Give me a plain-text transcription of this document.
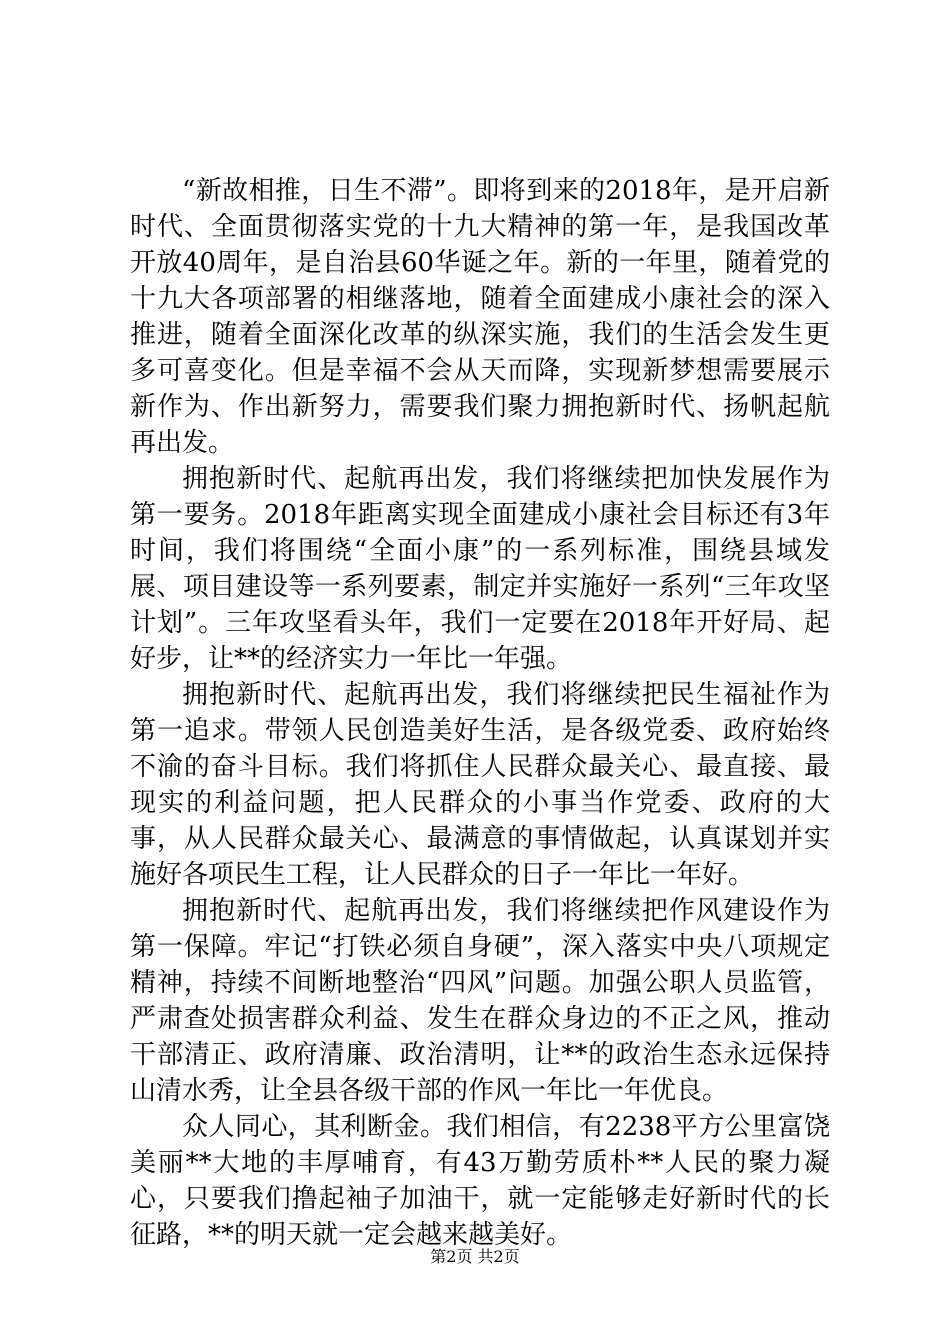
“新故相推，日生不滞”。即将到来的2018年，是开启新时代、全面贯彻落实党的十九大精神的第一年，是我国改革开放40周年，是自治县60华诞之年。新的一年里，随着党的十九大各项部署的相继落地，随着全面建成小康社会的深入推进，随着全面深化改革的纵深实施，我们的生活会发生更多可喜变化。但是幸福不会从天而降，实现新梦想需要展示新作为、作出新努力，需要我们聚力拥抱新时代、扬帆起航再出发。

拥抱新时代、起航再出发，我们将继续把加快发展作为第一要务。2018年距离实现全面建成小康社会目标还有3年时间，我们将围绕“全面小康”的一系列标准，围绕县域发展、项目建设等一系列要素，制定并实施好一系列“三年攻坚计划”。三年攻坚看头年，我们一定要在2018年开好局、起好步，让**的经济实力一年比一年强。

拥抱新时代、起航再出发，我们将继续把民生福祉作为第一追求。带领人民创造美好生活，是各级党委、政府始终不渝的奋斗目标。我们将抓住人民群众最关心、最直接、最现实的利益问题，把人民群众的小事当作党委、政府的大事，从人民群众最关心、最满意的事情做起，认真谋划并实施好各项民生工程，让人民群众的日子一年比一年好。

拥抱新时代、起航再出发，我们将继续把作风建设作为第一保障。牢记“打铁必须自身硬”，深入落实中央八项规定精神，持续不间断地整治“四风”问题。加强公职人员监管，严肃查处损害群众利益、发生在群众身边的不正之风，推动干部清正、政府清廉、政治清明，让**的政治生态永远保持山清水秀，让全县各级干部的作风一年比一年优良。

众人同心，其利断金。我们相信，有2238平方公里富饶美丽**大地的丰厚哺育，有43万勤劳质朴**人民的聚力凝心，只要我们撸起袖子加油干，就一定能够走好新时代的长征路，**的明天就一定会越来越美好。

第2页 共2页
